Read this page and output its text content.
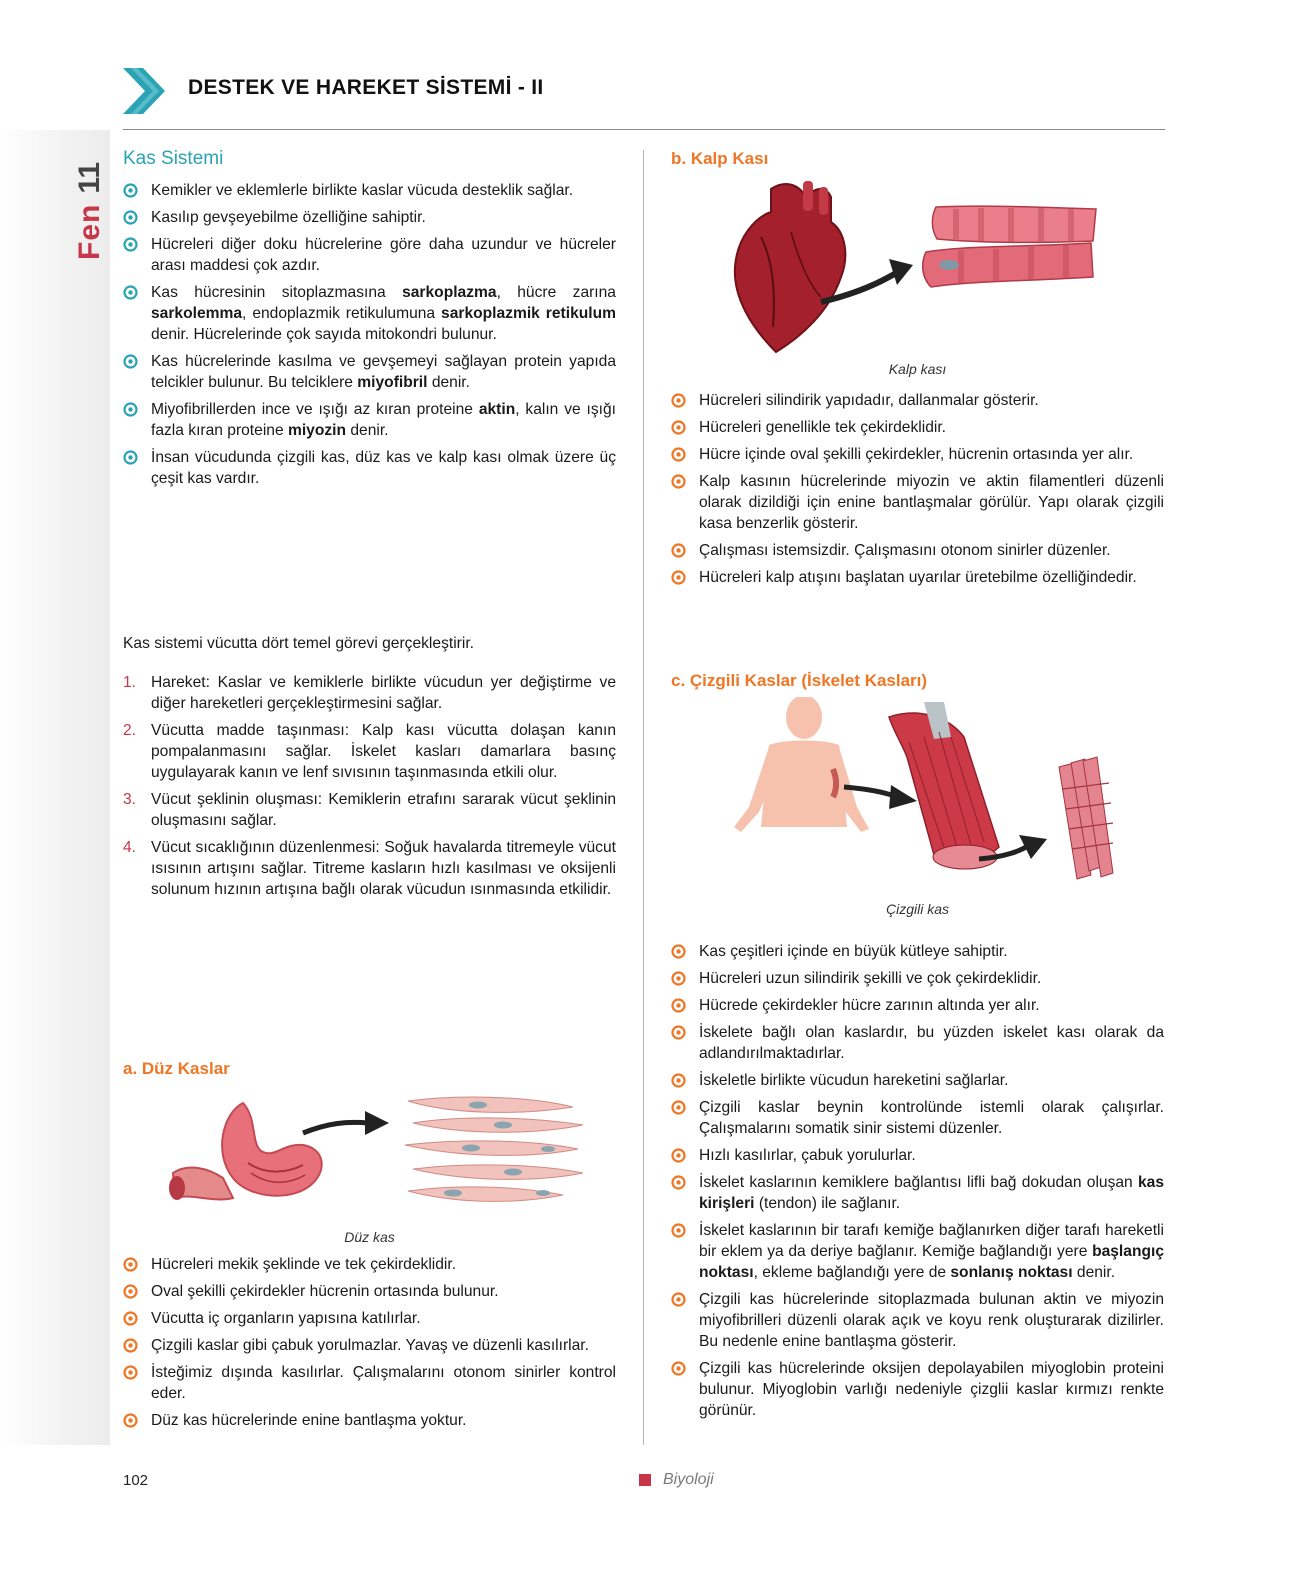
DESTEK VE HAREKET SİSTEMİ - II
Fen11
Kas Sistemi
Kemikler ve eklemlerle birlikte kaslar vücuda desteklik sağlar.
Kasılıp gevşeyebilme özelliğine sahiptir.
Hücreleri diğer doku hücrelerine göre daha uzundur ve hücreler arası maddesi çok azdır.
Kas hücresinin sitoplazmasına sarkoplazma, hücre zarına sarkolemma, endoplazmik retikulumuna sarkoplazmik retikulum denir. Hücrelerinde çok sayıda mitokondri bulunur.
Kas hücrelerinde kasılma ve gevşemeyi sağlayan protein yapıda telcikler bulunur. Bu telciklere miyofibril denir.
Miyofibrillerden ince ve ışığı az kıran proteine aktin, kalın ve ışığı fazla kıran proteine miyozin denir.
İnsan vücudunda çizgili kas, düz kas ve kalp kası olmak üzere üç çeşit kas vardır.
Kas sistemi vücutta dört temel görevi gerçekleştirir.
1. Hareket: Kaslar ve kemiklerle birlikte vücudun yer değiştirme ve diğer hareketleri gerçekleştirmesini sağlar.
2. Vücutta madde taşınması: Kalp kası vücutta dolaşan kanın pompalanmasını sağlar. İskelet kasları damarlara basınç uygulayarak kanın ve lenf sıvısının taşınmasında etkili olur.
3. Vücut şeklinin oluşması: Kemiklerin etrafını sararak vücut şeklinin oluşmasını sağlar.
4. Vücut sıcaklığının düzenlenmesi: Soğuk havalarda titremeyle vücut ısısının artışını sağlar. Titreme kasların hızlı kasılması ve oksijenli solunum hızının artışına bağlı olarak vücudun ısınmasında etkilidir.
a. Düz Kaslar
Düz kas
Hücreleri mekik şeklinde ve tek çekirdeklidir.
Oval şekilli çekirdekler hücrenin ortasında bulunur.
Vücutta iç organların yapısına katılırlar.
Çizgili kaslar gibi çabuk yorulmazlar. Yavaş ve düzenli kasılırlar.
İsteğimiz dışında kasılırlar. Çalışmalarını otonom sinirler kontrol eder.
Düz kas hücrelerinde enine bantlaşma yoktur.
b. Kalp Kası
Kalp kası
Hücreleri silindirik yapıdadır, dallanmalar gösterir.
Hücreleri genellikle tek çekirdeklidir.
Hücre içinde oval şekilli çekirdekler, hücrenin ortasında yer alır.
Kalp kasının hücrelerinde miyozin ve aktin filamentleri düzenli olarak dizildiği için enine bantlaşmalar görülür. Yapı olarak çizgili kasa benzerlik gösterir.
Çalışması istemsizdir. Çalışmasını otonom sinirler düzenler.
Hücreleri kalp atışını başlatan uyarılar üretebilme özelliğindedir.
c. Çizgili Kaslar (İskelet Kasları)
Çizgili kas
Kas çeşitleri içinde en büyük kütleye sahiptir.
Hücreleri uzun silindirik şekilli ve çok çekirdeklidir.
Hücrede çekirdekler hücre zarının altında yer alır.
İskelete bağlı olan kaslardır, bu yüzden iskelet kası olarak da adlandırılmaktadırlar.
İskeletle birlikte vücudun hareketini sağlarlar.
Çizgili kaslar beynin kontrolünde istemli olarak çalışırlar. Çalışmalarını somatik sinir sistemi düzenler.
Hızlı kasılırlar, çabuk yorulurlar.
İskelet kaslarının kemiklere bağlantısı lifli bağ dokudan oluşan kas kirişleri (tendon) ile sağlanır.
İskelet kaslarının bir tarafı kemiğe bağlanırken diğer tarafı hareketli bir eklem ya da deriye bağlanır. Kemiğe bağlandığı yere başlangıç noktası, ekleme bağlandığı yere de sonlanış noktası denir.
Çizgili kas hücrelerinde sitoplazmada bulunan aktin ve miyozin miyofibrilleri düzenli olarak açık ve koyu renk oluşturarak dizilirler. Bu nedenle enine bantlaşma gösterir.
Çizgili kas hücrelerinde oksijen depolayabilen miyoglobin proteini bulunur. Miyoglobin varlığı nedeniyle çizglii kaslar kırmızı renkte görünür.
102	Biyoloji
